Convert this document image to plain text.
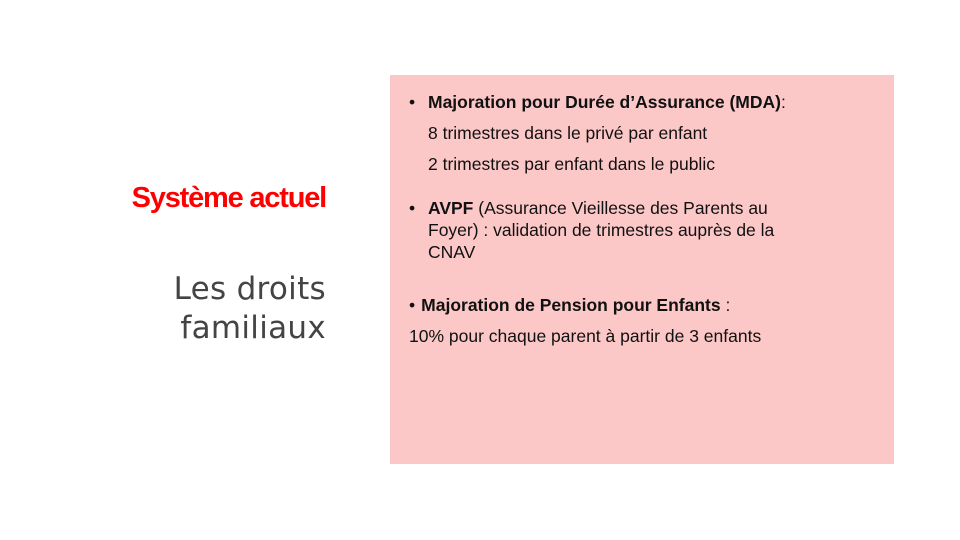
Système actuel
Les droits
familiaux
• Majoration pour Durée d’Assurance (MDA):
8 trimestres dans le privé par enfant
2 trimestres par enfant dans le public
• AVPF (Assurance Vieillesse des Parents au
Foyer) : validation de trimestres auprès de la
CNAV
• Majoration de Pension pour Enfants :
10% pour chaque parent à partir de 3 enfants
